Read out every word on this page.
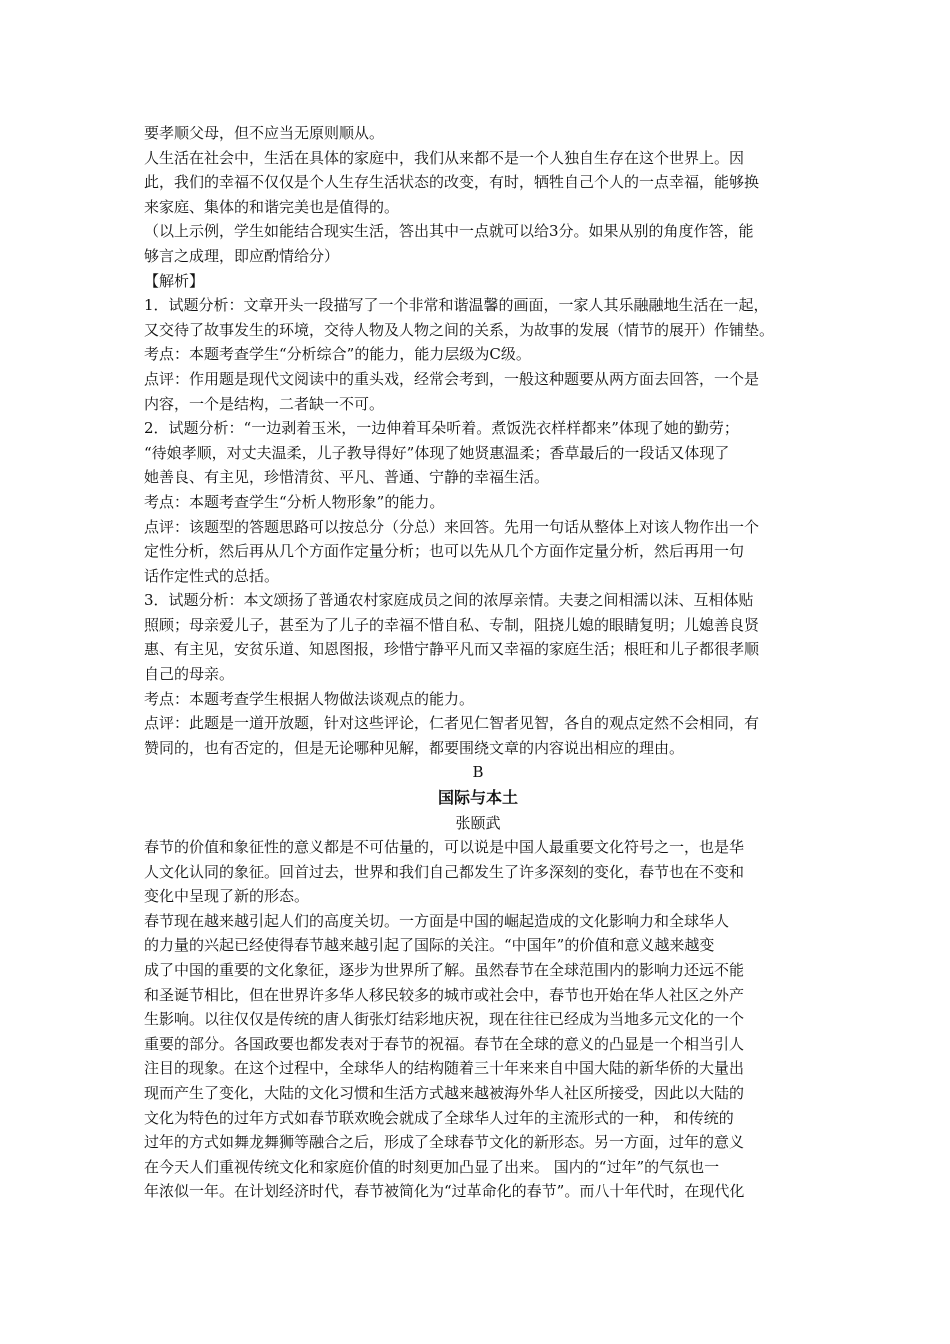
要孝顺父母，但不应当无原则顺从。
人生活在社会中，生活在具体的家庭中，我们从来都不是一个人独自生存在这个世界上。因
此，我们的幸福不仅仅是个人生存生活状态的改变，有时，牺牲自己个人的一点幸福，能够换
来家庭、集体的和谐完美也是值得的。
（以上示例，学生如能结合现实生活，答出其中一点就可以给3分。如果从别的角度作答，能
够言之成理，即应酌情给分）
【解析】
1．试题分析：文章开头一段描写了一个非常和谐温馨的画面，一家人其乐融融地生活在一起，
又交待了故事发生的环境，交待人物及人物之间的关系，为故事的发展（情节的展开）作铺垫。
考点：本题考查学生“分析综合”的能力，能力层级为C级。
点评：作用题是现代文阅读中的重头戏，经常会考到，一般这种题要从两方面去回答，一个是
内容，一个是结构，二者缺一不可。
2．试题分析：“一边剥着玉米，一边伸着耳朵听着。煮饭洗衣样样都来”体现了她的勤劳；
“待娘孝顺，对丈夫温柔，儿子教导得好”体现了她贤惠温柔；香草最后的一段话又体现了
她善良、有主见，珍惜清贫、平凡、普通、宁静的幸福生活。
考点：本题考查学生“分析人物形象”的能力。
点评：该题型的答题思路可以按总分（分总）来回答。先用一句话从整体上对该人物作出一个
定性分析，然后再从几个方面作定量分析；也可以先从几个方面作定量分析，然后再用一句
话作定性式的总括。
3．试题分析：本文颂扬了普通农村家庭成员之间的浓厚亲情。夫妻之间相濡以沫、互相体贴
照顾；母亲爱儿子，甚至为了儿子的幸福不惜自私、专制，阻挠儿媳的眼睛复明；儿媳善良贤
惠、有主见，安贫乐道、知恩图报，珍惜宁静平凡而又幸福的家庭生活；根旺和儿子都很孝顺
自己的母亲。
考点：本题考查学生根据人物做法谈观点的能力。
点评：此题是一道开放题，针对这些评论，仁者见仁智者见智，各自的观点定然不会相同，有
赞同的，也有否定的，但是无论哪种见解，都要围绕文章的内容说出相应的理由。
B
国际与本土
张颐武
春节的价值和象征性的意义都是不可估量的，可以说是中国人最重要文化符号之一，也是华
人文化认同的象征。回首过去，世界和我们自己都发生了许多深刻的变化，春节也在不变和
变化中呈现了新的形态。
春节现在越来越引起人们的高度关切。一方面是中国的崛起造成的文化影响力和全球华人
的力量的兴起已经使得春节越来越引起了国际的关注。“中国年”的价值和意义越来越变
成了中国的重要的文化象征，逐步为世界所了解。虽然春节在全球范围内的影响力还远不能
和圣诞节相比，但在世界许多华人移民较多的城市或社会中，春节也开始在华人社区之外产
生影响。以往仅仅是传统的唐人街张灯结彩地庆祝，现在往往已经成为当地多元文化的一个
重要的部分。各国政要也都发表对于春节的祝福。春节在全球的意义的凸显是一个相当引人
注目的现象。在这个过程中，全球华人的结构随着三十年来来自中国大陆的新华侨的大量出
现而产生了变化，大陆的文化习惯和生活方式越来越被海外华人社区所接受，因此以大陆的
文化为特色的过年方式如春节联欢晚会就成了全球华人过年的主流形式的一种， 和传统的
过年的方式如舞龙舞狮等融合之后，形成了全球春节文化的新形态。另一方面，过年的意义
在今天人们重视传统文化和家庭价值的时刻更加凸显了出来。 国内的“过年”的气氛也一
年浓似一年。在计划经济时代，春节被简化为“过革命化的春节”。而八十年代时，在现代化
